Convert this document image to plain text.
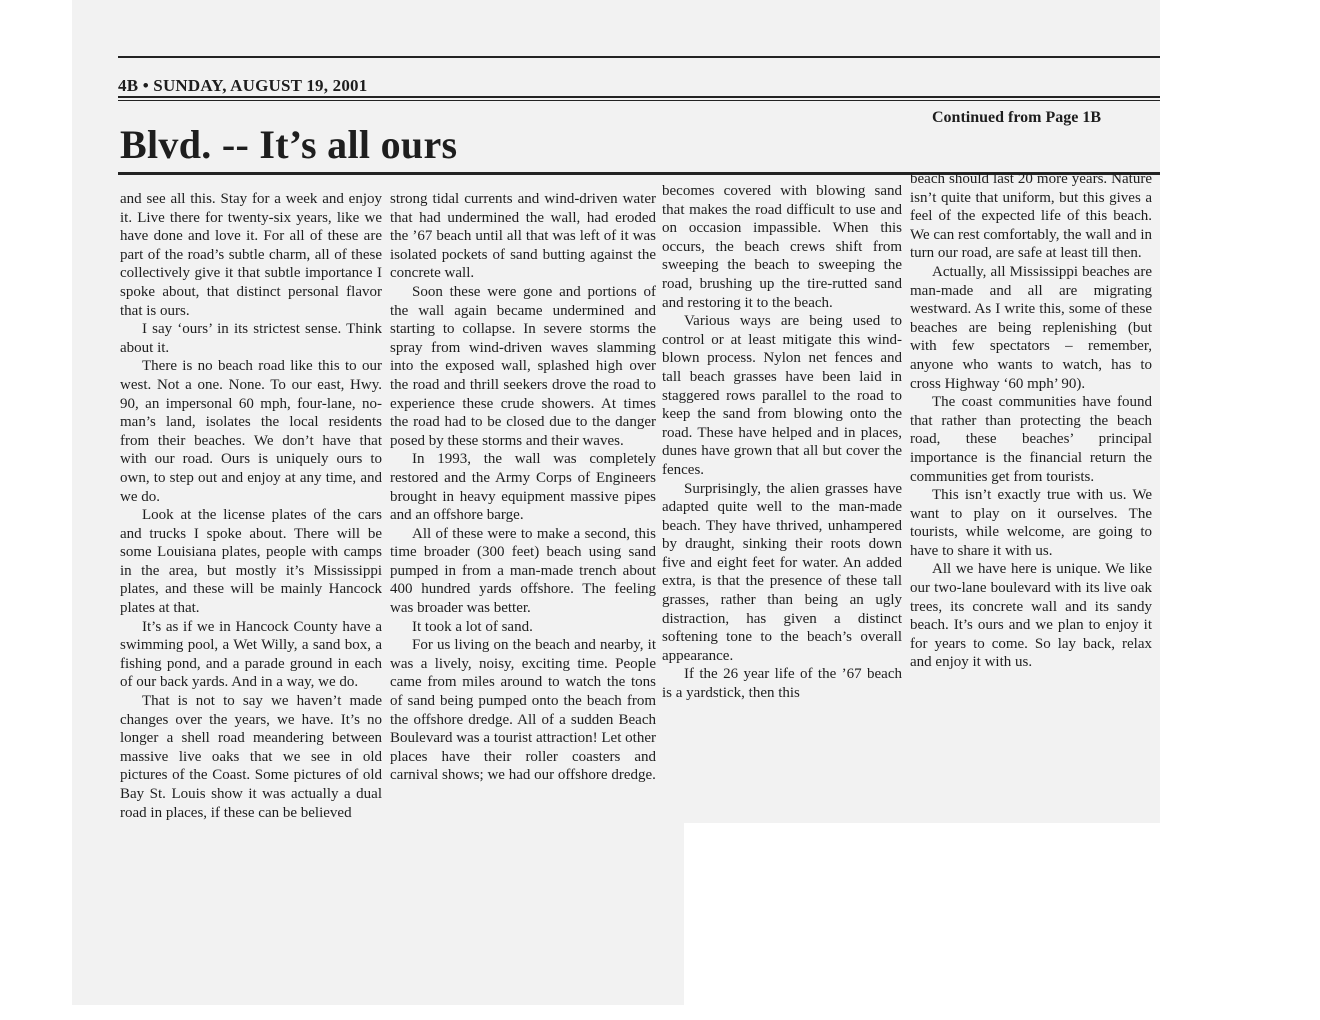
4B • SUNDAY, AUGUST 19, 2001
Continued from Page 1B
Blvd. -- It’s all ours

and see all this. Stay for a week and enjoy it. Live there for twenty-six years, like we have done and love it. For all of these are part of the road’s subtle charm, all of these collectively give it that subtle importance I spoke about, that distinct personal flavor that is ours.

I say ‘ours’ in its strictest sense. Think about it.

There is no beach road like this to our west. Not a one. None. To our east, Hwy. 90, an impersonal 60 mph, four-lane, no-man’s land, isolates the local residents from their beaches. We don’t have that with our road. Ours is uniquely ours to own, to step out and enjoy at any time, and we do.

Look at the license plates of the cars and trucks I spoke about. There will be some Louisiana plates, people with camps in the area, but mostly it’s Mississippi plates, and these will be mainly Hancock plates at that.

It’s as if we in Hancock County have a swimming pool, a Wet Willy, a sand box, a fishing pond, and a parade ground in each of our back yards. And in a way, we do.

That is not to say we haven’t made changes over the years, we have. It’s no longer a shell road meandering between massive live oaks that we see in old pictures of the Coast. Some pictures of old Bay St. Louis show it was actually a dual road in places, if these can be believed

strong tidal currents and wind-driven water that had undermined the wall, had eroded the ’67 beach until all that was left of it was isolated pockets of sand butting against the concrete wall.

Soon these were gone and portions of the wall again became undermined and starting to collapse. In severe storms the spray from wind-driven waves slamming into the exposed wall, splashed high over the road and thrill seekers drove the road to experience these crude showers. At times the road had to be closed due to the danger posed by these storms and their waves.

In 1993, the wall was completely restored and the Army Corps of Engineers brought in heavy equipment massive pipes and an offshore barge.

All of these were to make a second, this time broader (300 feet) beach using sand pumped in from a man-made trench about 400 hundred yards offshore. The feeling was broader was better.

It took a lot of sand.

For us living on the beach and nearby, it was a lively, noisy, exciting time. People came from miles around to watch the tons of sand being pumped onto the beach from the offshore dredge. All of a sudden Beach Boulevard was a tourist attraction! Let other places have their roller coasters and carnival shows; we had our offshore dredge.

becomes covered with blowing sand that makes the road difficult to use and on occasion impassible. When this occurs, the beach crews shift from sweeping the beach to sweeping the road, brushing up the tire-rutted sand and restoring it to the beach.

Various ways are being used to control or at least mitigate this wind-blown process. Nylon net fences and tall beach grasses have been laid in staggered rows parallel to the road to keep the sand from blowing onto the road. These have helped and in places, dunes have grown that all but cover the fences.

Surprisingly, the alien grasses have adapted quite well to the man-made beach. They have thrived, unhampered by draught, sinking their roots down five and eight feet for water. An added extra, is that the presence of these tall grasses, rather than being an ugly distraction, has given a distinct softening tone to the beach’s overall appearance.

If the 26 year life of the ’67 beach is a yardstick, then this

beach should last 20 more years. Nature isn’t quite that uniform, but this gives a feel of the expected life of this beach. We can rest comfortably, the wall and in turn our road, are safe at least till then.

Actually, all Mississippi beaches are man-made and all are migrating westward. As I write this, some of these beaches are being replenishing (but with few spectators – remember, anyone who wants to watch, has to cross Highway ‘60 mph’ 90).

The coast communities have found that rather than protecting the beach road, these beaches’ principal importance is the financial return the communities get from tourists.

This isn’t exactly true with us. We want to play on it ourselves. The tourists, while welcome, are going to have to share it with us.

All we have here is unique. We like our two-lane boulevard with its live oak trees, its concrete wall and its sandy beach. It’s ours and we plan to enjoy it for years to come. So lay back, relax and enjoy it with us.
